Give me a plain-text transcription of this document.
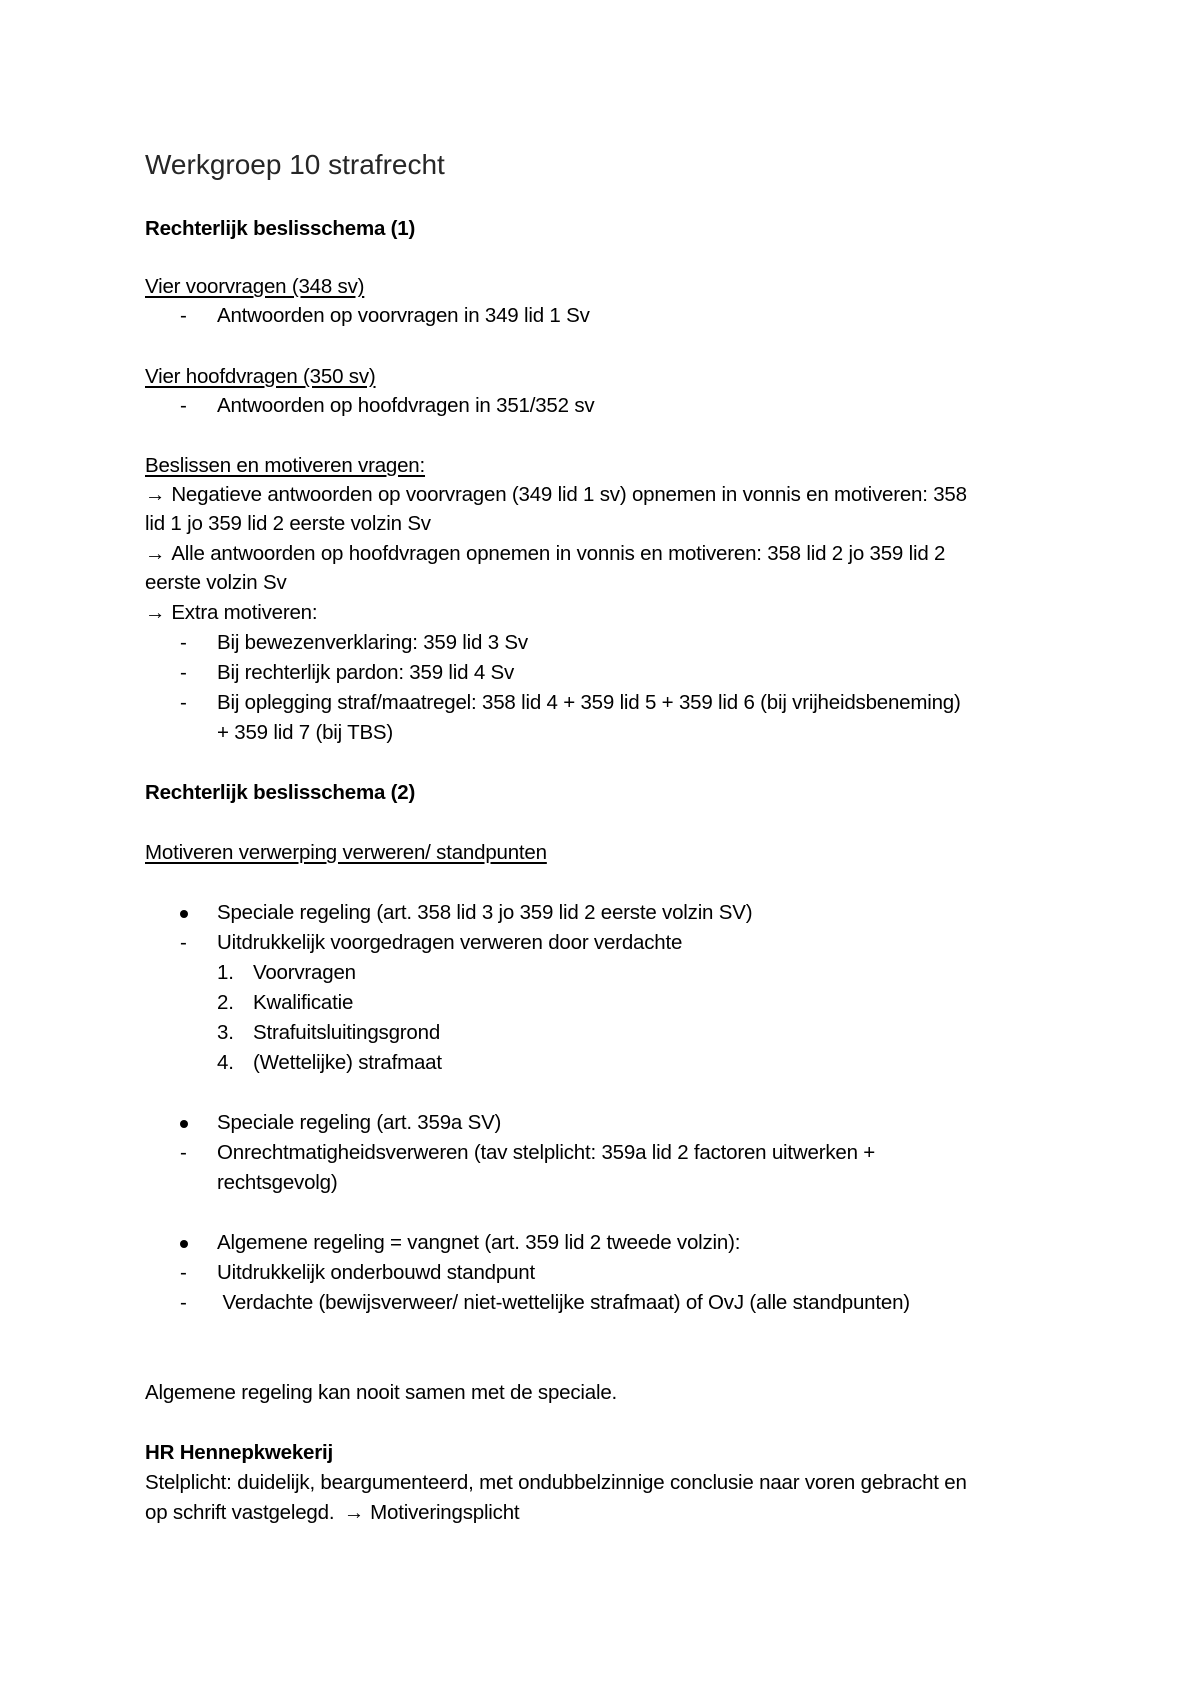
Werkgroep 10 strafrecht
Rechterlijk beslisschema (1)
Vier voorvragen (348 sv)
-	Antwoorden op voorvragen in 349 lid 1 Sv
Vier hoofdvragen (350 sv)
-	Antwoorden op hoofdvragen in 351/352 sv
Beslissen en motiveren vragen:
→ Negatieve antwoorden op voorvragen (349 lid 1 sv) opnemen in vonnis en motiveren: 358
lid 1 jo 359 lid 2 eerste volzin Sv
→ Alle antwoorden op hoofdvragen opnemen in vonnis en motiveren: 358 lid 2 jo 359 lid 2
eerste volzin Sv
→ Extra motiveren:
-	Bij bewezenverklaring: 359 lid 3 Sv
-	Bij rechterlijk pardon: 359 lid 4 Sv
-	Bij oplegging straf/maatregel: 358 lid 4 + 359 lid 5 + 359 lid 6 (bij vrijheidsbeneming)
+ 359 lid 7 (bij TBS)
Rechterlijk beslisschema (2)
Motiveren verwerping verweren/ standpunten
Speciale regeling (art. 358 lid 3 jo 359 lid 2 eerste volzin SV)
-	Uitdrukkelijk voorgedragen verweren door verdachte
1. Voorvragen
2. Kwalificatie
3. Strafuitsluitingsgrond
4. (Wettelijke) strafmaat
Speciale regeling (art. 359a SV)
-	Onrechtmatigheidsverweren (tav stelplicht: 359a lid 2 factoren uitwerken +
rechtsgevolg)
Algemene regeling = vangnet (art. 359 lid 2 tweede volzin):
-	Uitdrukkelijk onderbouwd standpunt
-	Verdachte (bewijsverweer/ niet-wettelijke strafmaat) of OvJ (alle standpunten)
Algemene regeling kan nooit samen met de speciale.
HR Hennepkwekerij
Stelplicht: duidelijk, beargumenteerd, met ondubbelzinnige conclusie naar voren gebracht en
op schrift vastgelegd. → Motiveringsplicht
